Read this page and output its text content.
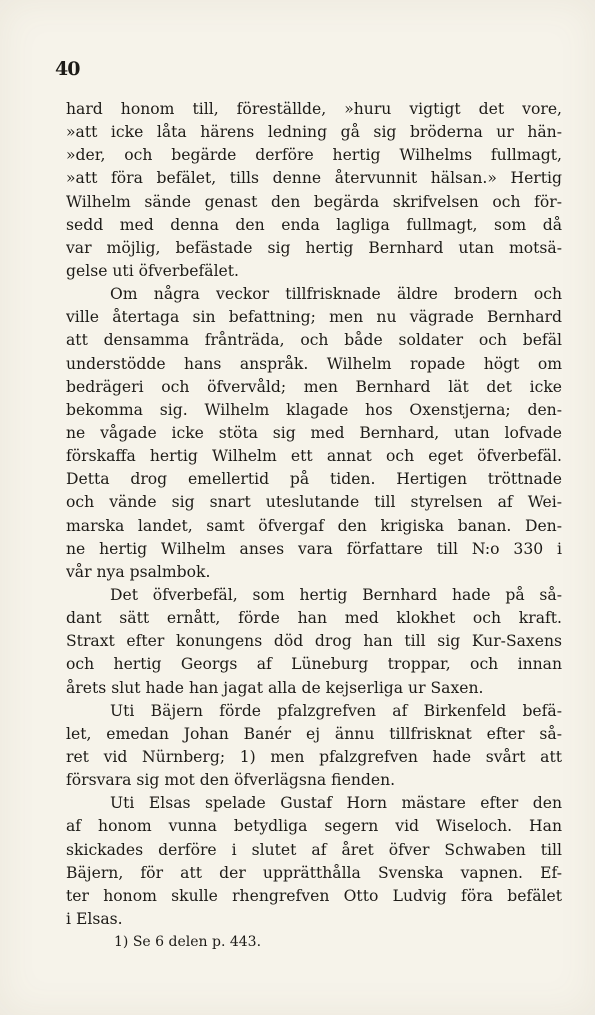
40
hard honom till, föreställde, »huru vigtigt det vore,
»att icke låta härens ledning gå sig bröderna ur hän-
»der, och begärde derföre hertig Wilhelms fullmagt,
»att föra befälet, tills denne återvunnit hälsan.» Hertig
Wilhelm sände genast den begärda skrifvelsen och för-
sedd med denna den enda lagliga fullmagt, som då
var möjlig, befästade sig hertig Bernhard utan motsä-
gelse uti öfverbefälet.
Om några veckor tillfrisknade äldre brodern och
ville återtaga sin befattning; men nu vägrade Bernhard
att densamma frånträda, och både soldater och befäl
understödde hans anspråk. Wilhelm ropade högt om
bedrägeri och öfvervåld; men Bernhard lät det icke
bekomma sig. Wilhelm klagade hos Oxenstjerna; den-
ne vågade icke stöta sig med Bernhard, utan lofvade
förskaffa hertig Wilhelm ett annat och eget öfverbefäl.
Detta drog emellertid på tiden. Hertigen tröttnade
och vände sig snart uteslutande till styrelsen af Wei-
marska landet, samt öfvergaf den krigiska banan. Den-
ne hertig Wilhelm anses vara författare till N:o 330 i
vår nya psalmbok.
Det öfverbefäl, som hertig Bernhard hade på så-
dant sätt ernått, förde han med klokhet och kraft.
Straxt efter konungens död drog han till sig Kur-Saxens
och hertig Georgs af Lüneburg troppar, och innan
årets slut hade han jagat alla de kejserliga ur Saxen.
Uti Bäjern förde pfalzgrefven af Birkenfeld befä-
let, emedan Johan Banér ej ännu tillfrisknat efter så-
ret vid Nürnberg; 1) men pfalzgrefven hade svårt att
försvara sig mot den öfverlägsna fienden.
Uti Elsas spelade Gustaf Horn mästare efter den
af honom vunna betydliga segern vid Wiseloch. Han
skickades derföre i slutet af året öfver Schwaben till
Bäjern, för att der upprätthålla Svenska vapnen. Ef-
ter honom skulle rhengrefven Otto Ludvig föra befälet
i Elsas.
1) Se 6 delen p. 443.
